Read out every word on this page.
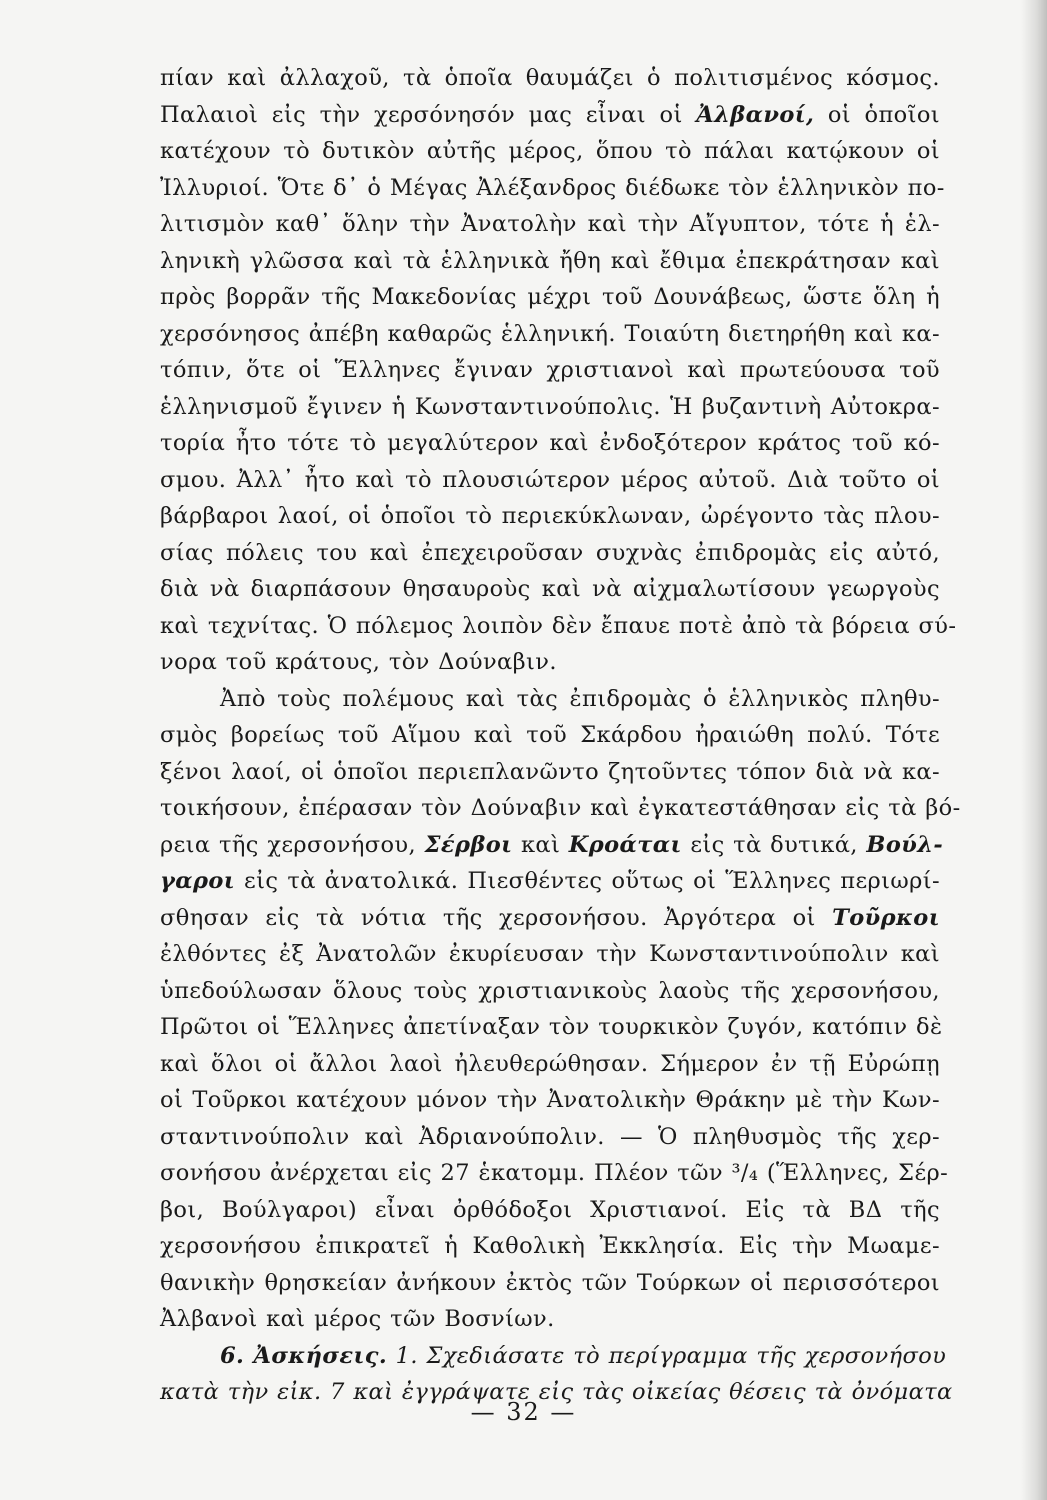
πίαν καὶ ἀλλαχοῦ, τὰ ὁποῖα θαυμάζει ὁ πολιτισμένος κόσμος.
Παλαιοὶ εἰς τὴν χερσόνησόν μας εἶναι οἱ Ἀλβανοί, οἱ ὁποῖοι
κατέχουν τὸ δυτικὸν αὐτῆς μέρος, ὅπου τὸ πάλαι κατῴκουν οἱ
Ἰλλυριοί. Ὅτε δ᾿ ὁ Μέγας Ἀλέξανδρος διέδωκε τὸν ἑλληνικὸν πο-
λιτισμὸν καθ᾿ ὅλην τὴν Ἀνατολὴν καὶ τὴν Αἴγυπτον, τότε ἡ ἑλ-
ληνικὴ γλῶσσα καὶ τὰ ἑλληνικὰ ἤθη καὶ ἔθιμα ἐπεκράτησαν καὶ
πρὸς βορρᾶν τῆς Μακεδονίας μέχρι τοῦ Δουνάβεως, ὥστε ὅλη ἡ
χερσόνησος ἀπέβη καθαρῶς ἑλληνική. Τοιαύτη διετηρήθη καὶ κα-
τόπιν, ὅτε οἱ Ἕλληνες ἔγιναν χριστιανοὶ καὶ πρωτεύουσα τοῦ
ἑλληνισμοῦ ἔγινεν ἡ Κωνσταντινούπολις. Ἡ βυζαντινὴ Αὐτοκρα-
τορία ἦτο τότε τὸ μεγαλύτερον καὶ ἐνδοξότερον κράτος τοῦ κό-
σμου. Ἀλλ᾿ ἦτο καὶ τὸ πλουσιώτερον μέρος αὐτοῦ. Διὰ τοῦτο οἱ
βάρβαροι λαοί, οἱ ὁποῖοι τὸ περιεκύκλωναν, ὠρέγοντο τὰς πλου-
σίας πόλεις του καὶ ἐπεχειροῦσαν συχνὰς ἐπιδρομὰς εἰς αὐτό,
διὰ νὰ διαρπάσουν θησαυροὺς καὶ νὰ αἰχμαλωτίσουν γεωργοὺς
καὶ τεχνίτας. Ὁ πόλεμος λοιπὸν δὲν ἔπαυε ποτὲ ἀπὸ τὰ βόρεια σύ-
νορα τοῦ κράτους, τὸν Δούναβιν.
Ἀπὸ τοὺς πολέμους καὶ τὰς ἐπιδρομὰς ὁ ἑλληνικὸς πληθυ-
σμὸς βορείως τοῦ Αἵμου καὶ τοῦ Σκάρδου ἠραιώθη πολύ. Τότε
ξένοι λαοί, οἱ ὁποῖοι περιεπλανῶντο ζητοῦντες τόπον διὰ νὰ κα-
τοικήσουν, ἐπέρασαν τὸν Δούναβιν καὶ ἐγκατεστάθησαν εἰς τὰ βό-
ρεια τῆς χερσονήσου, Σέρβοι καὶ Κροάται εἰς τὰ δυτικά, Βούλ-
γαροι εἰς τὰ ἀνατολικά. Πιεσθέντες οὕτως οἱ Ἕλληνες περιωρί-
σθησαν εἰς τὰ νότια τῆς χερσονήσου. Ἀργότερα οἱ Τοῦρκοι
ἐλθόντες ἐξ Ἀνατολῶν ἐκυρίευσαν τὴν Κωνσταντινούπολιν καὶ
ὑπεδούλωσαν ὅλους τοὺς χριστιανικοὺς λαοὺς τῆς χερσονήσου,
Πρῶτοι οἱ Ἕλληνες ἀπετίναξαν τὸν τουρκικὸν ζυγόν, κατόπιν δὲ
καὶ ὅλοι οἱ ἄλλοι λαοὶ ἠλευθερώθησαν. Σήμερον ἐν τῇ Εὐρώπῃ
οἱ Τοῦρκοι κατέχουν μόνον τὴν Ἀνατολικὴν Θράκην μὲ τὴν Κων-
σταντινούπολιν καὶ Ἀδριανούπολιν. — Ὁ πληθυσμὸς τῆς χερ-
σονήσου ἀνέρχεται εἰς 27 ἑκατομμ. Πλέον τῶν ³/₄ (Ἕλληνες, Σέρ-
βοι, Βούλγαροι) εἶναι ὀρθόδοξοι Χριστιανοί. Εἰς τὰ ΒΔ τῆς
χερσονήσου ἐπικρατεῖ ἡ Καθολικὴ Ἐκκλησία. Εἰς τὴν Μωαμε-
θανικὴν θρησκείαν ἀνήκουν ἐκτὸς τῶν Τούρκων οἱ περισσότεροι
Ἀλβανοὶ καὶ μέρος τῶν Βοσνίων.
6. Ἀσκήσεις. 1. Σχεδιάσατε τὸ περίγραμμα τῆς χερσονήσου
κατὰ τὴν εἰκ. 7 καὶ ἐγγράψατε εἰς τὰς οἰκείας θέσεις τὰ ὀνόματα
— 32 —
